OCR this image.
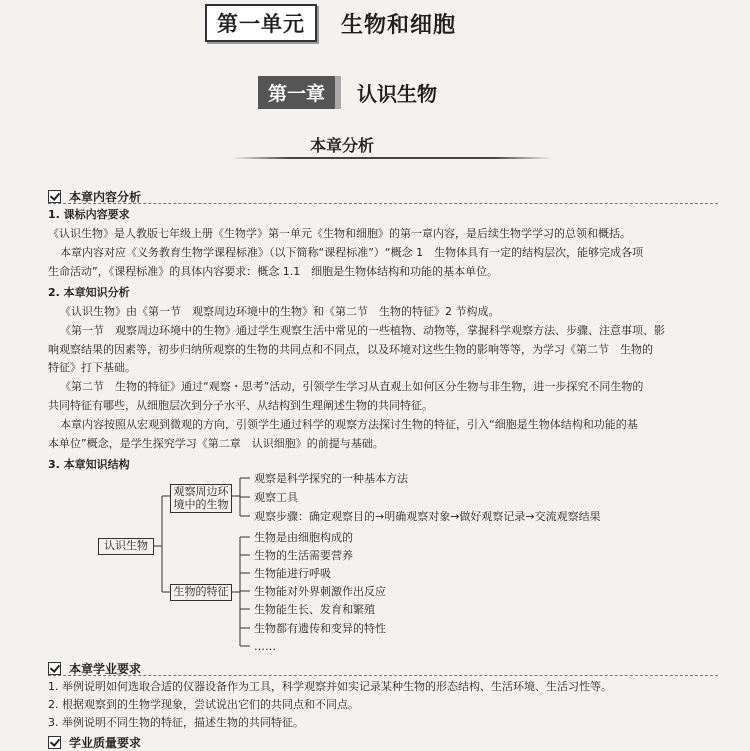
第一单元	生物和细胞
第一章	认识生物
本章分析
本章内容分析
1. 课标内容要求
《认识生物》是人教版七年级上册《生物学》第一单元《生物和细胞》的第一章内容，是后续生物学学习的总领和概括。
本章内容对应《义务教育生物学课程标准》（以下简称“课程标准”）“概念 1　生物体具有一定的结构层次，能够完成各项
生命活动”，《课程标准》的具体内容要求：概念 1.1　细胞是生物体结构和功能的基本单位。
2. 本章知识分析
《认识生物》由《第一节　观察周边环境中的生物》和《第二节　生物的特征》2 节构成。
《第一节　观察周边环境中的生物》通过学生观察生活中常见的一些植物、动物等，掌握科学观察方法、步骤、注意事项、影
响观察结果的因素等，初步归纳所观察的生物的共同点和不同点，以及环境对这些生物的影响等等，为学习《第二节　生物的
特征》打下基础。
《第二节　生物的特征》通过“观察・思考”活动，引领学生学习从直观上如何区分生物与非生物，进一步探究不同生物的
共同特征有哪些，从细胞层次到分子水平、从结构到生理阐述生物的共同特征。
本章内容按照从宏观到微观的方向，引领学生通过科学的观察方法探讨生物的特征，引入“细胞是生物体结构和功能的基
本单位”概念，是学生探究学习《第二章　认识细胞》的前提与基础。
3. 本章知识结构
认识生物
观察周边环
境中的生物
生物的特征
观察是科学探究的一种基本方法
观察工具
观察步骤：确定观察目的→明确观察对象→做好观察记录→交流观察结果
生物是由细胞构成的
生物的生活需要营养
生物能进行呼吸
生物能对外界刺激作出反应
生物能生长、发育和繁殖
生物都有遗传和变异的特性
……
本章学业要求
1. 举例说明如何选取合适的仪器设备作为工具，科学观察并如实记录某种生物的形态结构、生活环境、生活习性等。
2. 根据观察到的生物学现象，尝试说出它们的共同点和不同点。
3. 举例说明不同生物的特征，描述生物的共同特征。
学业质量要求
